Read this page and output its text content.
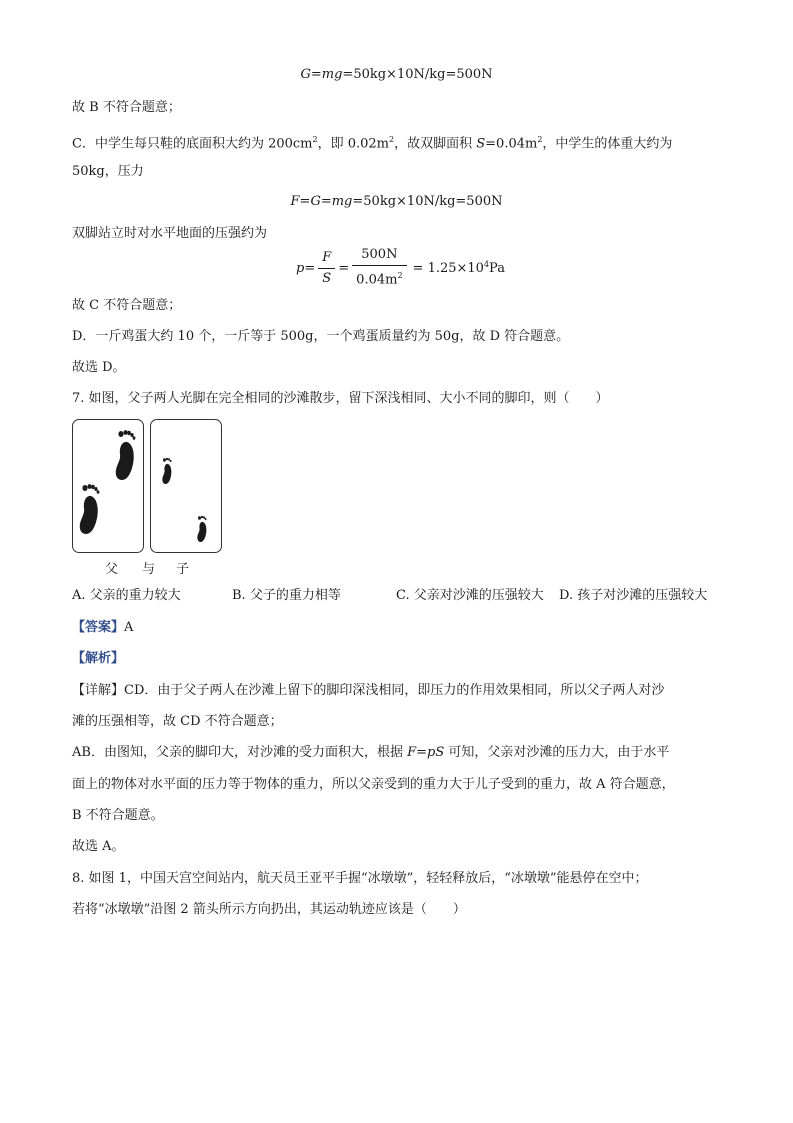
G=mg=50kg×10N/kg=500N
故 B 不符合题意；
C．中学生每只鞋的底面积大约为 $200cm^2$，即 $0.02m^2$，故双脚面积 $S=0.04m^2$，中学生的体重大约为
50kg，压力
F=G=mg=50kg×10N/kg=500N
双脚站立时对水平地面的压强约为
$p = \frac{F}{S} = \frac{500N}{0.04m^2} = 1.25\times 10^4$ Pa
故 C 不符合题意；
D．一斤鸡蛋大约 10 个，一斤等于 500g，一个鸡蛋质量约为 50g，故 D 符合题意。
故选 D。
7. 如图，父子两人光脚在完全相同的沙滩散步，留下深浅相同、大小不同的脚印，则（　　）
父 与 子
A. 父亲的重力较大	B. 父子的重力相等	C. 父亲对沙滩的压强较大 D. 孩子对沙滩的压强较大
【答案】A
【解析】
【详解】CD．由于父子两人在沙滩上留下的脚印深浅相同，即压力的作用效果相同，所以父子两人对沙
滩的压强相等，故 CD 不符合题意；
AB．由图知，父亲的脚印大，对沙滩的受力面积大，根据 F=pS 可知，父亲对沙滩的压力大，由于水平
面上的物体对水平面的压力等于物体的重力，所以父亲受到的重力大于儿子受到的重力，故 A 符合题意，
B 不符合题意。
故选 A。
8. 如图 1，中国天宫空间站内，航天员王亚平手握“冰墩墩”，轻轻释放后，“冰墩墩”能悬停在空中；
若将“冰墩墩”沿图 2 箭头所示方向扔出，其运动轨迹应该是（　　）
